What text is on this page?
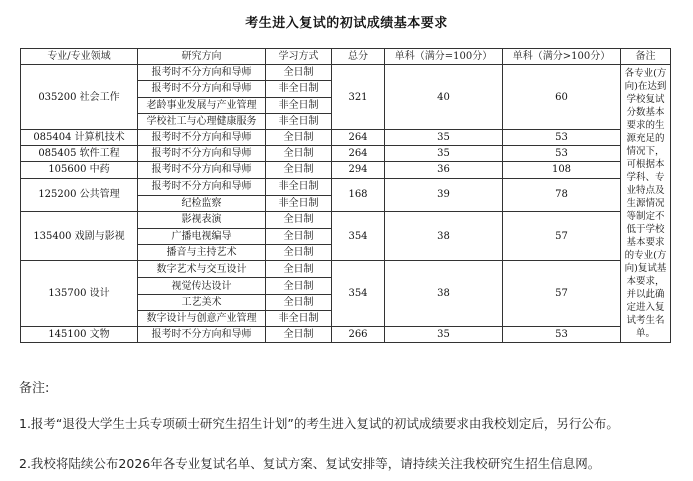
考生进入复试的初试成绩基本要求
专业/专业领域	研究方向	学习方式	总分	单科（满分=100分）	单科（满分>100分）	备注
035200 社会工作	报考时不分方向和导师	全日制	321	40	60	各专业(方向)在达到学校复试分数基本要求的生源充足的情况下，可根据本学科、专业特点及生源情况等制定不低于学校基本要求的专业(方向)复试基本要求，并以此确定进入复试考生名单。
	报考时不分方向和导师	非全日制				
	老龄事业发展与产业管理	非全日制				
	学校社工与心理健康服务	非全日制				
085404 计算机技术	报考时不分方向和导师	全日制	264	35	53	
085405 软件工程	报考时不分方向和导师	全日制	264	35	53	
105600 中药	报考时不分方向和导师	全日制	294	36	108	
125200 公共管理	报考时不分方向和导师	非全日制	168	39	78	
	纪检监察	非全日制				
135400 戏剧与影视	影视表演	全日制	354	38	57	
	广播电视编导	全日制				
	播音与主持艺术	全日制				
135700 设计	数字艺术与交互设计	全日制	354	38	57	
	视觉传达设计	全日制				
	工艺美术	全日制				
	数字设计与创意产业管理	非全日制				
145100 文物	报考时不分方向和导师	全日制	266	35	53	
备注:
1.报考“退役大学生士兵专项硕士研究生招生计划”的考生进入复试的初试成绩要求由我校划定后，另行公布。
2.我校将陆续公布2026年各专业复试名单、复试方案、复试安排等，请持续关注我校研究生招生信息网。
